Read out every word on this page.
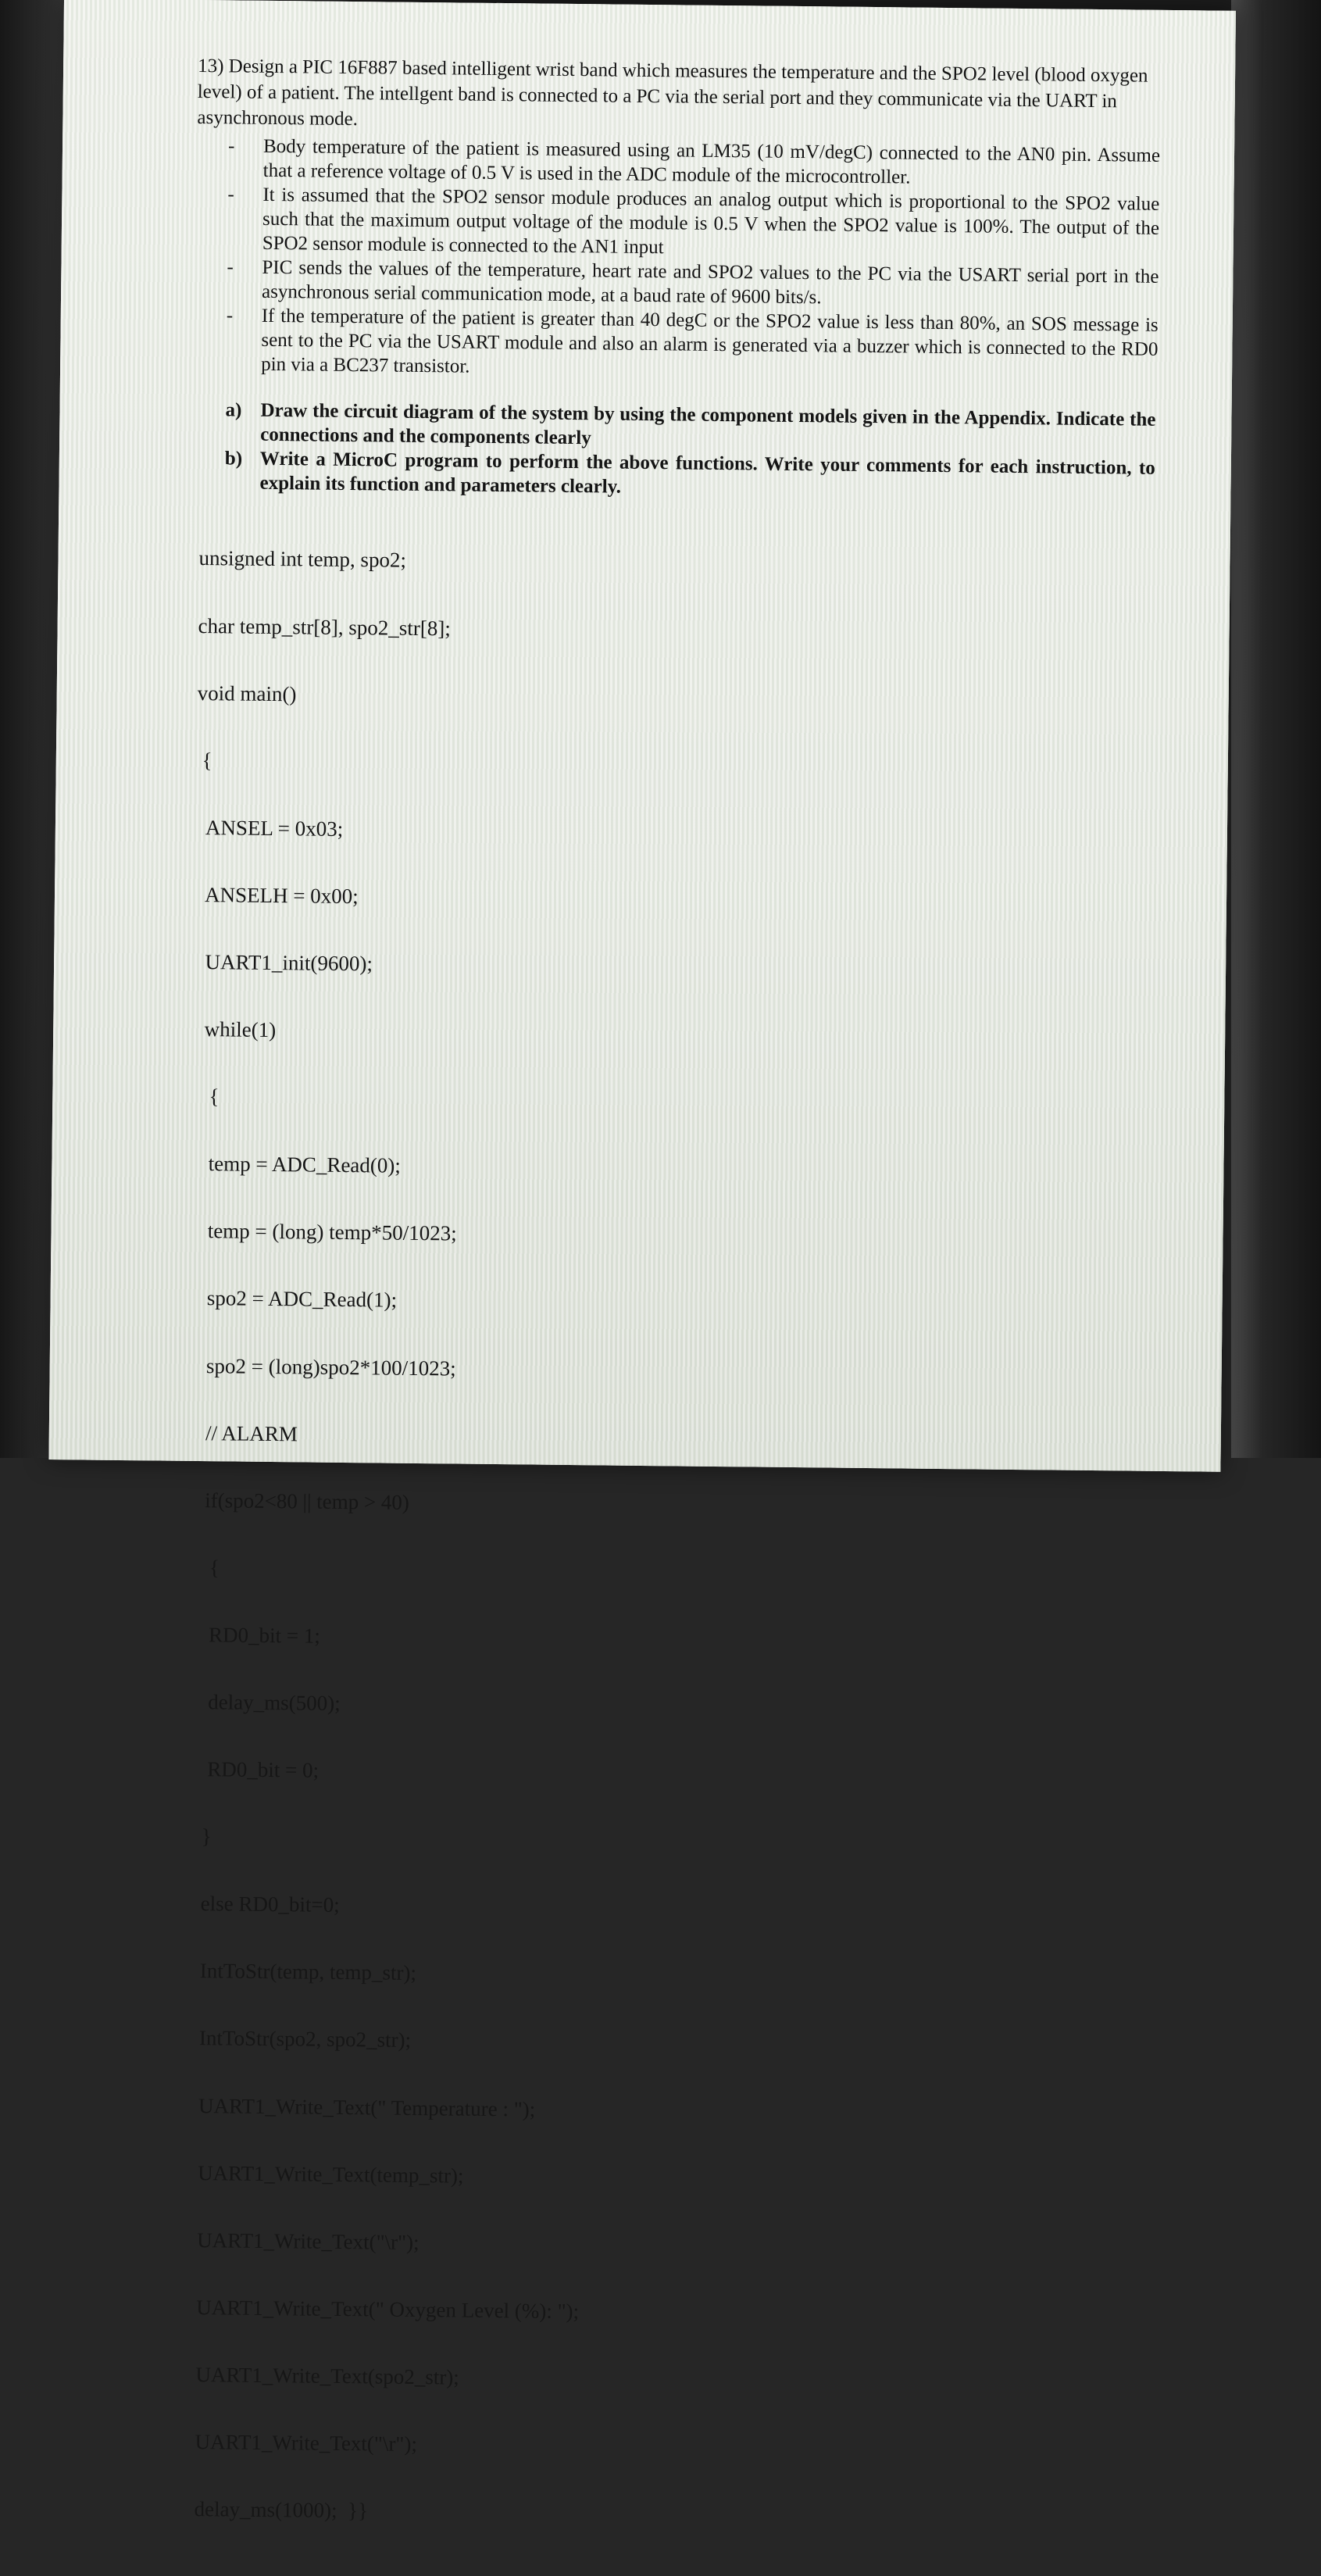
13) Design a PIC 16F887 based intelligent wrist band which measures the temperature and the SPO2 level (blood oxygen level) of a patient. The intellgent band is connected to a PC via the serial port and they communicate via the UART in asynchronous mode.

- Body temperature of the patient is measured using an LM35 (10 mV/degC) connected to the AN0 pin. Assume that a reference voltage of 0.5 V is used in the ADC module of the microcontroller.
- It is assumed that the SPO2 sensor module produces an analog output which is proportional to the SPO2 value such that the maximum output voltage of the module is 0.5 V when the SPO2 value is 100%. The output of the SPO2 sensor module is connected to the AN1 input
- PIC sends the values of the temperature, heart rate and SPO2 values to the PC via the USART serial port in the asynchronous serial communication mode, at a baud rate of 9600 bits/s.
- If the temperature of the patient is greater than 40 degC or the SPO2 value is less than 80%, an SOS message is sent to the PC via the USART module and also an alarm is generated via a buzzer which is connected to the RD0 pin via a BC237 transistor.
a) Draw the circuit diagram of the system by using the component models given in the Appendix. Indicate the connections and the components clearly
b) Write a MicroC program to perform the above functions. Write your comments for each instruction, to explain its function and parameters clearly.

unsigned int temp, spo2;

char temp_str[8], spo2_str[8];

void main()

{

ANSEL = 0x03;

ANSELH = 0x00;

UART1_init(9600);

while(1)

{

temp = ADC_Read(0);

temp = (long) temp*50/1023;

spo2 = ADC_Read(1);

spo2 = (long)spo2*100/1023;

// ALARM

if(spo2<80 || temp > 40)

{

RD0_bit = 1;

delay_ms(500);

RD0_bit = 0;

}

else RD0_bit=0;

IntToStr(temp, temp_str);

IntToStr(spo2, spo2_str);

UART1_Write_Text(" Temperature : ");

UART1_Write_Text(temp_str);

UART1_Write_Text("\r");

UART1_Write_Text(" Oxygen Level (%): ");

UART1_Write_Text(spo2_str);

UART1_Write_Text("\r");

delay_ms(1000);  }}
